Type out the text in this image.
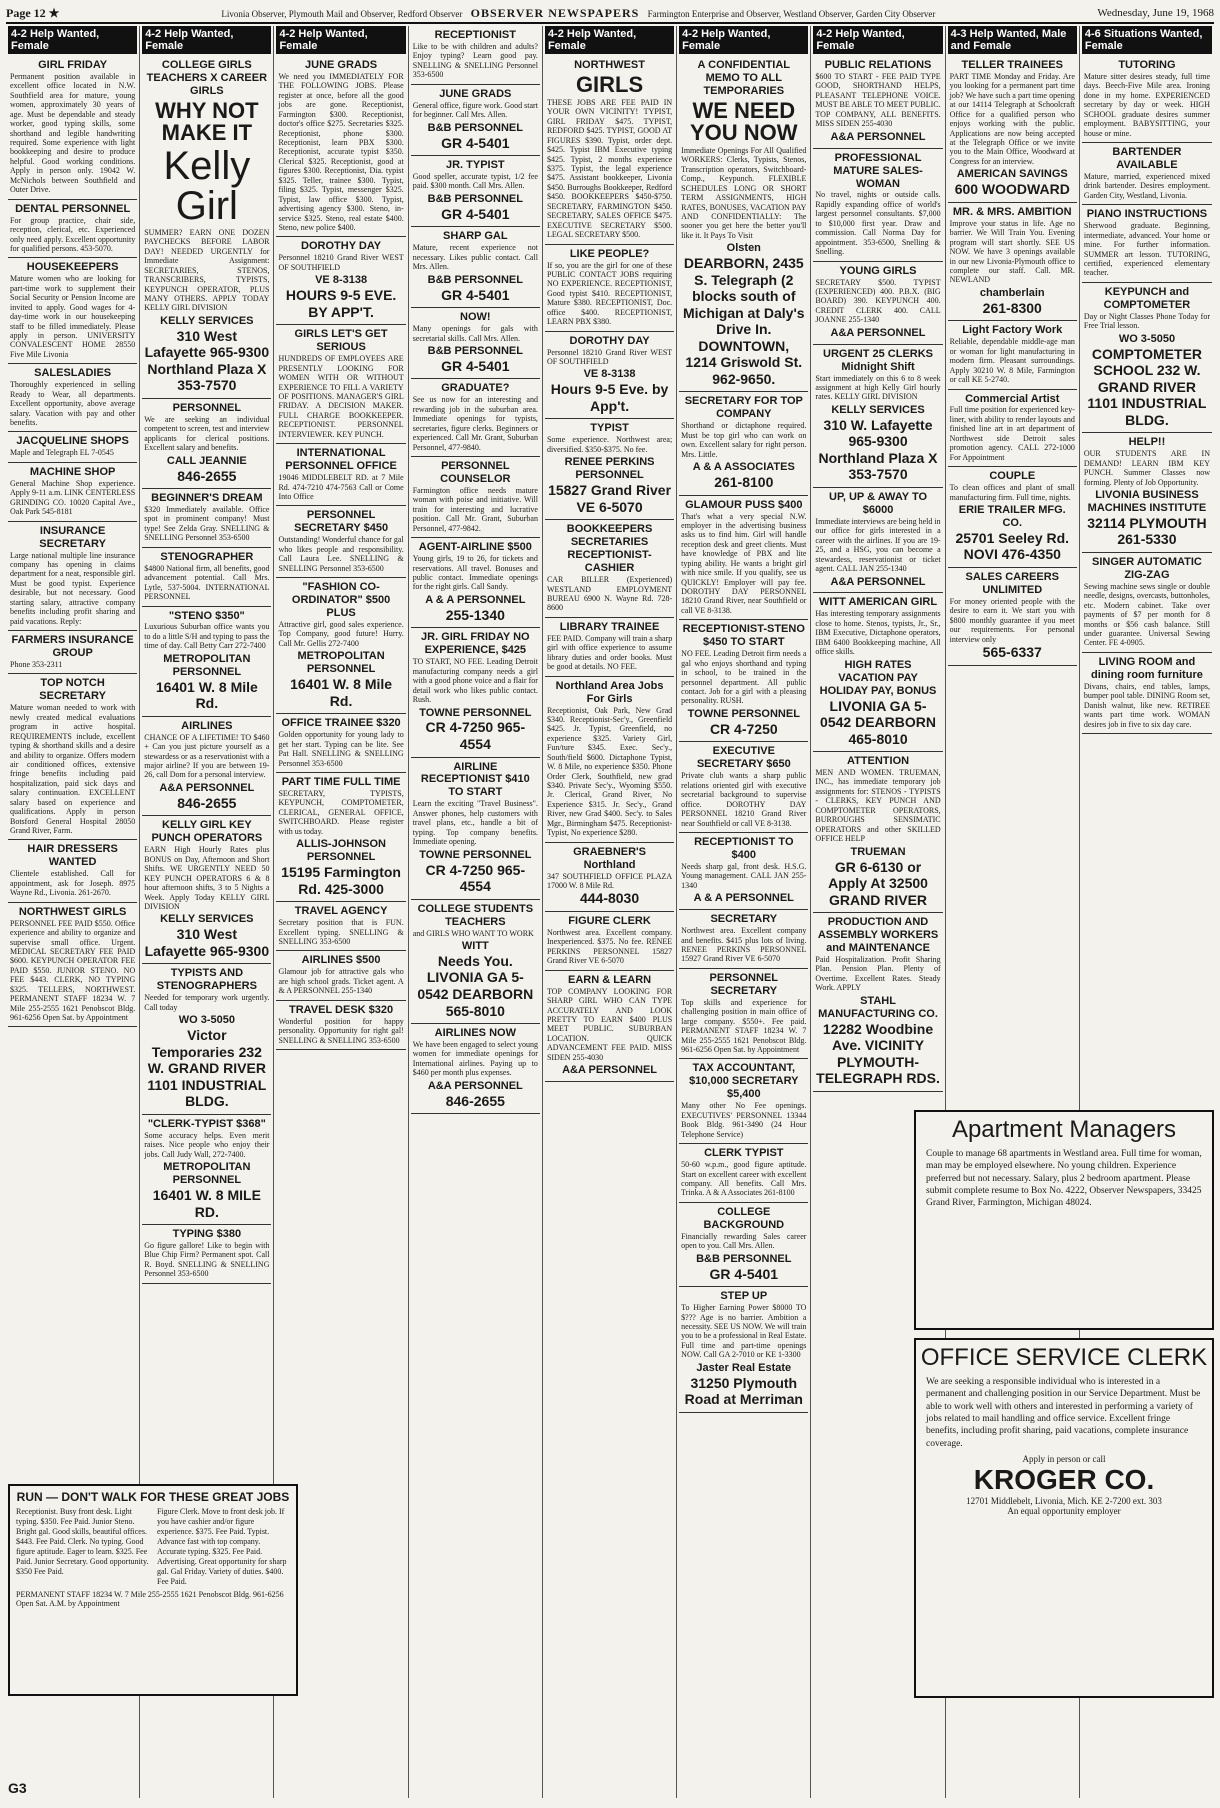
Page 12 ★	Livonia Observer, Plymouth Mail and Observer, Redford Observer OBSERVER NEWSPAPERS Farmington Enterprise and Observer, Westland Observer, Garden City Observer	Wednesday, June 19, 1968
4-2 Help Wanted, Female
GIRL FRIDAY
Permanent position available in excellent office located in N.W. Southfield area for mature, young women, approximately 30 years of age. Must be dependable and steady worker, good typing skills, some shorthand and legible handwriting required. Some experience with light bookkeeping and desire to produce helpful. Good working conditions. Apply in person only. 19042 W. McNichols between Southfield and Outer Drive.
DENTAL PERSONNEL
For group practice, chair side, reception, clerical, etc. Experienced only need apply. Excellent opportunity for qualified persons. 453-5070.
HOUSEKEEPERS
Mature women who are looking for part-time work to supplement their Social Security or Pension Income are invited to apply. Good wages for 4-day-time work in our housekeeping staff to be filled immediately. Please apply in person. UNIVERSITY CONVALESCENT HOME 28550 Five Mile Livonia
SALESLADIES
Thoroughly experienced in selling Ready to Wear, all departments. Excellent opportunity, above average salary. Vacation with pay and other benefits.
JACQUELINE SHOPS
Maple and Telegraph EL 7-0545
MACHINE SHOP
General Machine Shop experience. Apply 9-11 a.m. LINK CENTERLESS GRINDING CO. 10020 Capital Ave., Oak Park 545-8181
INSURANCE SECRETARY
Large national multiple line insurance company has opening in claims department for a neat, responsible girl. Must be good typist. Experience desirable, but not necessary. Good starting salary, attractive company benefits including profit sharing and paid vacations. Reply:
FARMERS INSURANCE GROUP
Phone 353-2311
TOP NOTCH SECRETARY
Mature woman needed to work with newly created medical evaluations program in active hospital. REQUIREMENTS include, excellent typing & shorthand skills and a desire and ability to organize. Offers modern air conditioned offices, extensive fringe benefits including paid hospitalization, paid sick days and salary continuation. EXCELLENT salary based on experience and qualifications. Apply in person Botsford General Hospital 28050 Grand River, Farm.
HAIR DRESSERS WANTED
Clientele established. Call for appointment, ask for Joseph. 8975 Wayne Rd., Livonia. 261-2670.
NORTHWEST GIRLS
PERSONNEL FEE PAID $550. Office experience and ability to organize and supervise small office. Urgent. MEDICAL SECRETARY FEE PAID $600. KEYPUNCH OPERATOR FEE PAID $550. JUNIOR STENO. NO FEE $443. CLERK, NO TYPING $325. TELLERS, NORTHWEST. PERMANENT STAFF 18234 W. 7 Mile 255-2555 1621 Penobscot Bldg. 961-6256 Open Sat. by Appointment
4-2 Help Wanted, Female
COLLEGE GIRLS TEACHERS X CAREER GIRLS
WHY NOT MAKE IT
Kelly Girl
SUMMER? EARN ONE DOZEN PAYCHECKS BEFORE LABOR DAY! NEEDED URGENTLY for Immediate Assignment: SECRETARIES, STENOS, TRANSCRIBERS, TYPISTS, KEYPUNCH OPERATOR, PLUS MANY OTHERS. APPLY TODAY KELLY GIRL DIVISION
KELLY SERVICES
310 West Lafayette 965-9300 Northland Plaza X 353-7570
PERSONNEL
We are seeking an individual competent to screen, test and interview applicants for clerical positions. Excellent salary and benefits.
CALL JEANNIE
846-2655
BEGINNER'S DREAM
$320 Immediately available. Office spot in prominent company! Must type! See Zelda Gray. SNELLING & SNELLING Personnel 353-6500
STENOGRAPHER
$4800 National firm, all benefits, good advancement potential. Call Mrs. Lytle, 537-5004. INTERNATIONAL PERSONNEL
"STENO $350"
Luxurious Suburban office wants you to do a little S/H and typing to pass the time of day. Call Betty Carr 272-7400
METROPOLITAN PERSONNEL
16401 W. 8 Mile Rd.
AIRLINES
CHANCE OF A LIFETIME! TO $460 + Can you just picture yourself as a stewardess or as a reservationist with a major airline? If you are between 19-26, call Dom for a personal interview.
A&A PERSONNEL
846-2655
KELLY GIRL KEY PUNCH OPERATORS
EARN High Hourly Rates plus BONUS on Day, Afternoon and Short Shifts. WE URGENTLY NEED 50 KEY PUNCH OPERATORS 6 & 8 hour afternoon shifts, 3 to 5 Nights a Week. Apply Today KELLY GIRL DIVISION
KELLY SERVICES
310 West Lafayette 965-9300
TYPISTS AND STENOGRAPHERS
Needed for temporary work urgently. Call today
WO 3-5050
Victor Temporaries 232 W. GRAND RIVER 1101 INDUSTRIAL BLDG.
"CLERK-TYPIST $368"
Some accuracy helps. Even merit raises. Nice people who enjoy their jobs. Call Judy Wall, 272-7400.
METROPOLITAN PERSONNEL
16401 W. 8 MILE RD.
TYPING $380
Go figure gallore! Like to begin with Blue Chip Firm? Permanent spot. Call R. Boyd. SNELLING & SNELLING Personnel 353-6500
4-2 Help Wanted, Female
JUNE GRADS
We need you IMMEDIATELY FOR THE FOLLOWING JOBS. Please register at once, before all the good jobs are gone. Receptionist, Farmington $300. Receptionist, doctor's office $275. Secretaries $325. Receptionist, phone $300. Receptionist, learn PBX $300. Receptionist, accurate typist $350. Clerical $325. Receptionist, good at figures $300. Receptionist, Dia. typist $325. Teller, trainee $300. Typist, filing $325. Typist, messenger $325. Typist, law office $300. Typist, advertising agency $300. Steno, in-service $325. Steno, real estate $400. Steno, new police $400.
DOROTHY DAY
Personnel 18210 Grand River WEST OF SOUTHFIELD
VE 8-3138
HOURS 9-5 EVE. BY APP'T.
GIRLS LET'S GET SERIOUS
HUNDREDS OF EMPLOYEES ARE PRESENTLY LOOKING FOR WOMEN WITH OR WITHOUT EXPERIENCE TO FILL A VARIETY OF POSITIONS. MANAGER'S GIRL FRIDAY. A DECISION MAKER. FULL CHARGE BOOKKEEPER. RECEPTIONIST. PERSONNEL INTERVIEWER. KEY PUNCH.
INTERNATIONAL PERSONNEL OFFICE
19046 MIDDLEBELT RD. at 7 Mile Rd. 474-7210 474-7563 Call or Come Into Office
PERSONNEL SECRETARY $450
Outstanding! Wonderful chance for gal who likes people and responsibility. Call Laura Lee. SNELLING & SNELLING Personnel 353-6500
"FASHION CO-ORDINATOR" $500 PLUS
Attractive girl, good sales experience. Top Company, good future! Hurry. Call Mr. Gellis 272-7400
METROPOLITAN PERSONNEL
16401 W. 8 Mile Rd.
OFFICE TRAINEE $320
Golden opportunity for young lady to get her start. Typing can be lite. See Pat Hall. SNELLING & SNELLING Personnel 353-6500
PART TIME FULL TIME
SECRETARY, TYPISTS, KEYPUNCH, COMPTOMETER, CLERICAL, GENERAL OFFICE, SWITCHBOARD. Please register with us today.
ALLIS-JOHNSON PERSONNEL
15195 Farmington Rd. 425-3000
TRAVEL AGENCY
Secretary position that is FUN. Excellent typing. SNELLING & SNELLING 353-6500
AIRLINES $500
Glamour job for attractive gals who are high school grads. Ticket agent. A & A PERSONNEL 255-1340
TRAVEL DESK $320
Wonderful position for happy personality. Opportunity for right gal! SNELLING & SNELLING 353-6500
RECEPTIONIST
Like to be with children and adults? Enjoy typing? Learn good pay. SNELLING & SNELLING Personnel 353-6500
JUNE GRADS
General office, figure work. Good start for beginner. Call Mrs. Allen.
B&B PERSONNEL
GR 4-5401
JR. TYPIST
Good speller, accurate typist, 1/2 fee paid. $300 month. Call Mrs. Allen.
B&B PERSONNEL
GR 4-5401
SHARP GAL
Mature, recent experience not necessary. Likes public contact. Call Mrs. Allen.
B&B PERSONNEL
GR 4-5401
NOW!
Many openings for gals with secretarial skills. Call Mrs. Allen.
B&B PERSONNEL
GR 4-5401
GRADUATE?
See us now for an interesting and rewarding job in the suburban area. Immediate openings for typists, secretaries, figure clerks. Beginners or experienced. Call Mr. Grant, Suburban Personnel, 477-9840.
PERSONNEL COUNSELOR
Farmington office needs mature woman with poise and initiative. Will train for interesting and lucrative position. Call Mr. Grant, Suburban Personnel, 477-9842.
AGENT-AIRLINE $500
Young girls, 19 to 26, for tickets and reservations. All travel. Bonuses and public contact. Immediate openings for the right girls. Call Sandy.
A & A PERSONNEL
255-1340
JR. GIRL FRIDAY NO EXPERIENCE, $425
TO START, NO FEE. Leading Detroit manufacturing company needs a girl with a good phone voice and a flair for detail work who likes public contact. Rush.
TOWNE PERSONNEL
CR 4-7250 965-4554
AIRLINE RECEPTIONIST $410 TO START
Learn the exciting "Travel Business". Answer phones, help customers with travel plans, etc., handle a bit of typing. Top company benefits. Immediate opening.
TOWNE PERSONNEL
CR 4-7250 965-4554
COLLEGE STUDENTS TEACHERS
and GIRLS WHO WANT TO WORK
WITT
Needs You. LIVONIA GA 5-0542 DEARBORN 565-8010
AIRLINES NOW
We have been engaged to select young women for immediate openings for International airlines. Paying up to $460 per month plus expenses.
A&A PERSONNEL
846-2655
4-2 Help Wanted, Female
NORTHWEST
GIRLS
THESE JOBS ARE FEE PAID IN YOUR OWN VICINITY! TYPIST, GIRL FRIDAY $475. TYPIST, REDFORD $425. TYPIST, GOOD AT FIGURES $390. Typist, order dept. $425. Typist IBM Executive typing $425. Typist, 2 months experience $375. Typist, the legal experience $475. Assistant bookkeeper, Livonia $450. Burroughs Bookkeeper, Redford $450. BOOKKEEPERS $450-$750. SECRETARY, FARMINGTON $450. SECRETARY, SALES OFFICE $475. EXECUTIVE SECRETARY $500. LEGAL SECRETARY $500.
LIKE PEOPLE?
If so, you are the girl for one of these PUBLIC CONTACT JOBS requiring NO EXPERIENCE. RECEPTIONIST, Good typist $410. RECEPTIONIST, Mature $380. RECEPTIONIST, Doc. office $400. RECEPTIONIST, LEARN PBX $380.
DOROTHY DAY
Personnel 18210 Grand River WEST OF SOUTHFIELD
VE 8-3138
Hours 9-5 Eve. by App't.
TYPIST
Some experience. Northwest area; diversified. $350-$375. No fee.
RENEE PERKINS PERSONNEL
15827 Grand River VE 6-5070
BOOKKEEPERS SECRETARIES RECEPTIONIST-CASHIER
CAR BILLER (Experienced) WESTLAND EMPLOYMENT BUREAU 6900 N. Wayne Rd. 728-8600
LIBRARY TRAINEE
FEE PAID. Company will train a sharp girl with office experience to assume library duties and order books. Must be good at details. NO FEE.
Northland Area Jobs For Girls
Receptionist, Oak Park, New Grad $340. Receptionist-Sec'y., Greenfield $425. Jr. Typist, Greenfield, no experience $325. Variety Girl, Fun/ture $345. Exec. Sec'y., South/field $600. Dictaphone Typist, W. 8 Mile, no experience $350. Phone Order Clerk, Southfield, new grad $340. Private Sec'y., Wyoming $550. Jr. Clerical, Grand River, No Experience $315. Jr. Sec'y., Grand River, new Grad $400. Sec'y. to Sales Mgr., Birmingham $475. Receptionist-Typist, No experience $280.
GRAEBNER'S Northland
347 SOUTHFIELD OFFICE PLAZA 17000 W. 8 Mile Rd.
444-8030
FIGURE CLERK
Northwest area. Excellent company. Inexperienced. $375. No fee. RENEE PERKINS PERSONNEL 15827 Grand River VE 6-5070
EARN & LEARN
TOP COMPANY LOOKING FOR SHARP GIRL WHO CAN TYPE ACCURATELY AND LOOK PRETTY TO EARN $400 PLUS MEET PUBLIC. SUBURBAN LOCATION. QUICK ADVANCEMENT FEE PAID. MISS SIDEN 255-4030
A&A PERSONNEL
4-2 Help Wanted, Female
A CONFIDENTIAL MEMO TO ALL TEMPORARIES
WE NEED YOU NOW
Immediate Openings For All Qualified WORKERS: Clerks, Typists, Stenos, Transcription operators, Switchboard-Comp., Keypunch. FLEXIBLE SCHEDULES LONG OR SHORT TERM ASSIGNMENTS, HIGH RATES, BONUSES, VACATION PAY AND CONFIDENTIALLY: The sooner you get here the better you'll like it. It Pays To Visit
Olsten
DEARBORN, 2435 S. Telegraph (2 blocks south of Michigan at Daly's Drive In. DOWNTOWN, 1214 Griswold St. 962-9650.
SECRETARY FOR TOP COMPANY
Shorthand or dictaphone required. Must be top girl who can work on own. Excellent salary for right person. Mrs. Little.
A & A ASSOCIATES
261-8100
GLAMOUR PUSS $400
That's what a very special N.W. employer in the advertising business asks us to find him. Girl will handle reception desk and greet clients. Must have knowledge of PBX and lite typing ability. He wants a bright girl with nice smile. If you qualify, see us QUICKLY! Employer will pay fee. DOROTHY DAY PERSONNEL 18210 Grand River, near Southfield or call VE 8-3138.
RECEPTIONIST-STENO $450 TO START
NO FEE. Leading Detroit firm needs a gal who enjoys shorthand and typing in school, to be trained in the personnel department. All public contact. Job for a girl with a pleasing personality. RUSH.
TOWNE PERSONNEL
CR 4-7250
EXECUTIVE SECRETARY $650
Private club wants a sharp public relations oriented girl with executive secretarial background to supervise office. DOROTHY DAY PERSONNEL 18210 Grand River near Southfield or call VE 8-3138.
RECEPTIONIST TO $400
Needs sharp gal, front desk. H.S.G. Young management. CALL JAN 255-1340
A & A PERSONNEL
SECRETARY
Northwest area. Excellent company and benefits. $415 plus lots of living. RENEE PERKINS PERSONNEL 15927 Grand River VE 6-5070
PERSONNEL SECRETARY
Top skills and experience for challenging position in main office of large company. $550+. Fee paid. PERMANENT STAFF 18234 W. 7 Mile 255-2555 1621 Penobscot Bldg. 961-6256 Open Sat. by Appointment
TAX ACCOUNTANT, $10,000 SECRETARY $5,400
Many other No Fee openings. EXECUTIVES' PERSONNEL 13344 Book Bldg. 961-3490 (24 Hour Telephone Service)
CLERK TYPIST
50-60 w.p.m., good figure aptitude. Start on excellent career with excellent company. All benefits. Call Mrs. Trinka. A & A Associates 261-8100
COLLEGE BACKGROUND
Financially rewarding Sales career open to you. Call Mrs. Allen.
B&B PERSONNEL
GR 4-5401
STEP UP
To Higher Earning Power $8000 TO $??? Age is no barrier. Ambition a necessity. SEE US NOW. We will train you to be a professional in Real Estate. Full time and part-time openings NOW. Call GA 2-7010 or KE 1-3300
Jaster Real Estate
31250 Plymouth Road at Merriman
4-2 Help Wanted, Female
PUBLIC RELATIONS
$600 TO START - FEE PAID TYPE GOOD, SHORTHAND HELPS, PLEASANT TELEPHONE VOICE. MUST BE ABLE TO MEET PUBLIC. TOP COMPANY, ALL BENEFITS. MISS SIDEN 255-4030
A&A PERSONNEL
PROFESSIONAL MATURE SALES-WOMAN
No travel, nights or outside calls. Rapidly expanding office of world's largest personnel consultants. $7,000 to $10,000 first year. Draw and commission. Call Norma Day for appointment. 353-6500, Snelling & Snelling.
YOUNG GIRLS
SECRETARY $500. TYPIST (EXPERIENCED) 400. P.B.X. (BIG BOARD) 390. KEYPUNCH 400. CREDIT CLERK 400. CALL JOANNE 255-1340
A&A PERSONNEL
URGENT 25 CLERKS Midnight Shift
Start immediately on this 6 to 8 week assignment at high Kelly Girl hourly rates. KELLY GIRL DIVISION
KELLY SERVICES
310 W. Lafayette 965-9300 Northland Plaza X 353-7570
UP, UP & AWAY TO $6000
Immediate interviews are being held in our office for girls interested in a career with the airlines. If you are 19-25, and a HSG, you can become a stewardess, reservationist or ticket agent. CALL JAN 255-1340
A&A PERSONNEL
WITT AMERICAN GIRL
Has interesting temporary assignments close to home. Stenos, typists, Jr., Sr., IBM Executive, Dictaphone operators, IBM 6400 Bookkeeping machine, All office skills.
HIGH RATES VACATION PAY HOLIDAY PAY, BONUS
LIVONIA GA 5-0542 DEARBORN 465-8010
ATTENTION
MEN AND WOMEN. TRUEMAN, INC., has immediate temporary job assignments for: STENOS - TYPISTS - CLERKS, KEY PUNCH AND COMPTOMETER OPERATORS, BURROUGHS SENSIMATIC OPERATORS and other SKILLED OFFICE HELP
TRUEMAN
GR 6-6130 or Apply At 32500 GRAND RIVER
PRODUCTION AND ASSEMBLY WORKERS and MAINTENANCE
Paid Hospitalization. Profit Sharing Plan. Pension Plan. Plenty of Overtime. Excellent Rates. Steady Work. APPLY
STAHL MANUFACTURING CO.
12282 Woodbine Ave. VICINITY PLYMOUTH-TELEGRAPH RDS.
4-3 Help Wanted, Male and Female
TELLER TRAINEES
PART TIME Monday and Friday. Are you looking for a permanent part time job? We have such a part time opening at our 14114 Telegraph at Schoolcraft Office for a qualified person who enjoys working with the public. Applications are now being accepted at the Telegraph Office or we invite you to the Main Office, Woodward at Congress for an interview.
AMERICAN SAVINGS
600 WOODWARD
MR. & MRS. AMBITION
Improve your status in life. Age no barrier. We Will Train You. Evening program will start shortly. SEE US NOW. We have 3 openings available in our new Livonia-Plymouth office to complete our staff. Call. MR. NEWLAND
chamberlain
261-8300
Light Factory Work
Reliable, dependable middle-age man or woman for light manufacturing in modern firm. Pleasant surroundings. Apply 30210 W. 8 Mile, Farmington or call KE 5-2740.
Commercial Artist
Full time position for experienced key-liner, with ability to render layouts and finished line art in art department of Northwest side Detroit sales promotion agency. CALL 272-1000 For Appointment
COUPLE
To clean offices and plant of small manufacturing firm. Full time, nights.
ERIE TRAILER MFG. CO.
25701 Seeley Rd. NOVI 476-4350
SALES CAREERS UNLIMITED
For money oriented people with the desire to earn it. We start you with $800 monthly guarantee if you meet our requirements. For personal interview only
565-6337
4-6 Situations Wanted, Female
TUTORING
Mature sitter desires steady, full time days. Beech-Five Mile area. Ironing done in my home. EXPERIENCED secretary by day or week. HIGH SCHOOL graduate desires summer employment. BABYSITTING, your house or mine.
BARTENDER AVAILABLE
Mature, married, experienced mixed drink bartender. Desires employment. Garden City, Westland, Livonia.
PIANO INSTRUCTIONS
Sherwood graduate. Beginning, intermediate, advanced. Your home or mine. For further information. SUMMER art lesson. TUTORING, certified, experienced elementary teacher.
KEYPUNCH and COMPTOMETER
Day or Night Classes Phone Today for Free Trial lesson.
WO 3-5050
COMPTOMETER SCHOOL 232 W. GRAND RIVER 1101 INDUSTRIAL BLDG.
HELP!!
OUR STUDENTS ARE IN DEMAND! LEARN IBM KEY PUNCH. Summer Classes now forming. Plenty of Job Opportunity.
LIVONIA BUSINESS MACHINES INSTITUTE
32114 PLYMOUTH 261-5330
SINGER AUTOMATIC ZIG-ZAG
Sewing machine sews single or double needle, designs, overcasts, buttonholes, etc. Modern cabinet. Take over payments of $7 per month for 8 months or $56 cash balance. Still under guarantee. Universal Sewing Center. FE 4-0905.
LIVING ROOM and dining room furniture
Divans, chairs, end tables, lamps, bumper pool table. DINING Room set, Danish walnut, like new. RETIREE wants part time work. WOMAN desires job in five to six day care.
RUN — DON'T WALK FOR THESE GREAT JOBS
Receptionist. Busy front desk. Light typing. $350. Fee Paid. Junior Steno. Bright gal. Good skills, beautiful offices. $443. Fee Paid. Clerk. No typing. Good figure aptitude. Eager to learn. $325. Fee Paid. Junior Secretary. Good opportunity. $350 Fee Paid.
Figure Clerk. Move to front desk job. If you have cashier and/or figure experience. $375. Fee Paid. Typist. Advance fast with top company. Accurate typing. $325. Fee Paid. Advertising. Great opportunity for sharp gal. Gal Friday. Variety of duties. $400. Fee Paid.
PERMANENT STAFF 18234 W. 7 Mile 255-2555 1621 Penobscot Bldg. 961-6256 Open Sat. A.M. by Appointment
Apartment Managers
Couple to manage 68 apartments in Westland area. Full time for woman, man may be employed elsewhere. No young children. Experience preferred but not necessary. Salary, plus 2 bedroom apartment. Please submit complete resume to Box No. 4222, Observer Newspapers, 33425 Grand River, Farmington, Michigan 48024.
OFFICE SERVICE CLERK
We are seeking a responsible individual who is interested in a permanent and challenging position in our Service Department. Must be able to work well with others and interested in performing a variety of jobs related to mail handling and office service. Excellent fringe benefits, including profit sharing, paid vacations, complete insurance coverage.
Apply in person or call
KROGER CO.
12701 Middlebelt, Livonia, Mich. KE 2-7200 ext. 303
An equal opportunity employer
G3
